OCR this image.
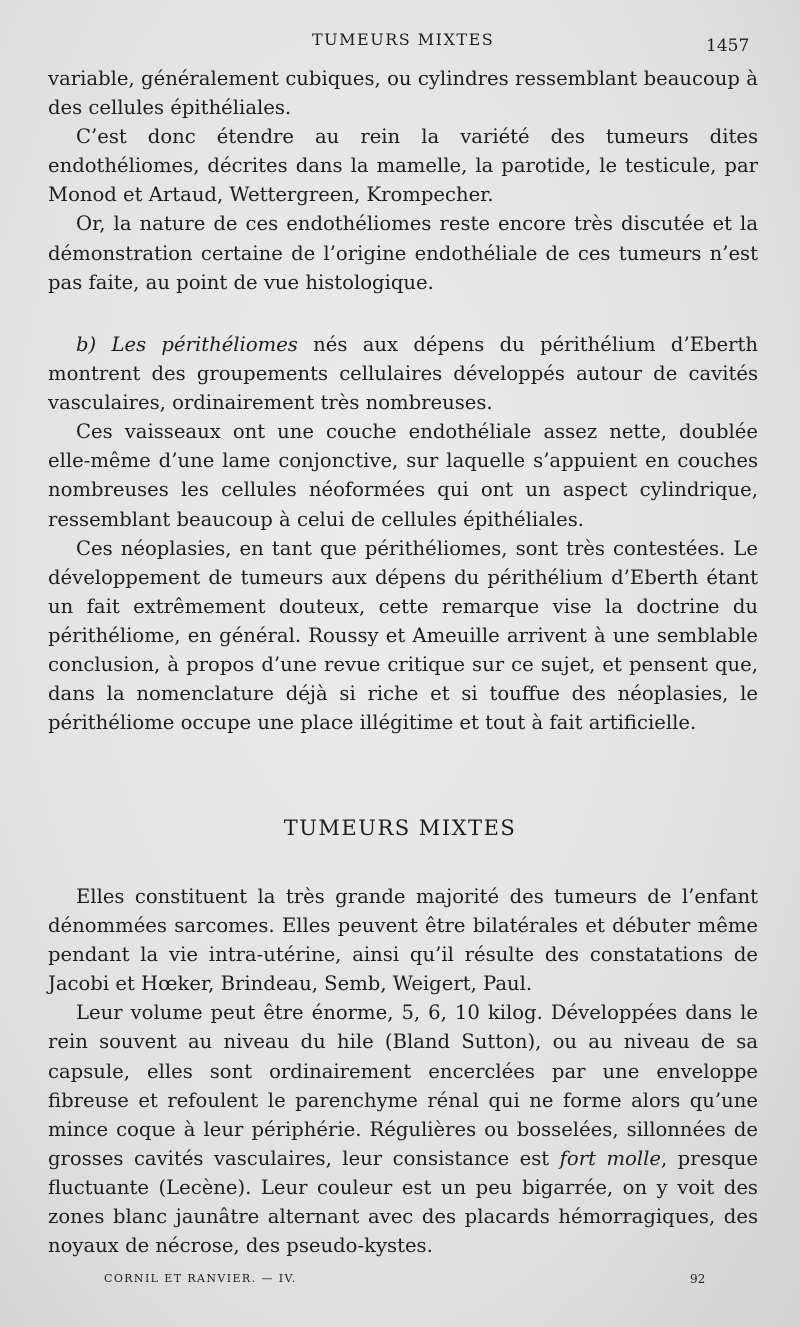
TUMEURS MIXTES	1457

variable, généralement cubiques, ou cylindres ressemblant beaucoup à des cellules épithéliales.

C’est donc étendre au rein la variété des tumeurs dites endothéliomes, décrites dans la mamelle, la parotide, le testicule, par Monod et Artaud, Wettergreen, Krompecher.

Or, la nature de ces endothéliomes reste encore très discutée et la démonstration certaine de l’origine endothéliale de ces tumeurs n’est pas faite, au point de vue histologique.

b) Les périthéliomes nés aux dépens du périthélium d’Eberth montrent des groupements cellulaires développés autour de cavités vasculaires, ordinairement très nombreuses.

Ces vaisseaux ont une couche endothéliale assez nette, doublée elle-même d’une lame conjonctive, sur laquelle s’appuient en couches nombreuses les cellules néoformées qui ont un aspect cylindrique, ressemblant beaucoup à celui de cellules épithéliales.

Ces néoplasies, en tant que périthéliomes, sont très contestées. Le développement de tumeurs aux dépens du périthélium d’Eberth étant un fait extrêmement douteux, cette remarque vise la doctrine du périthéliome, en général. Roussy et Ameuille arrivent à une semblable conclusion, à propos d’une revue critique sur ce sujet, et pensent que, dans la nomenclature déjà si riche et si touffue des néoplasies, le périthéliome occupe une place illégitime et tout à fait artificielle.

TUMEURS MIXTES

Elles constituent la très grande majorité des tumeurs de l’enfant dénommées sarcomes. Elles peuvent être bilatérales et débuter même pendant la vie intra-utérine, ainsi qu’il résulte des constatations de Jacobi et Hœker, Brindeau, Semb, Weigert, Paul.

Leur volume peut être énorme, 5, 6, 10 kilog. Développées dans le rein souvent au niveau du hile (Bland Sutton), ou au niveau de sa capsule, elles sont ordinairement encerclées par une enveloppe fibreuse et refoulent le parenchyme rénal qui ne forme alors qu’une mince coque à leur périphérie. Régulières ou bosselées, sillonnées de grosses cavités vasculaires, leur consistance est fort molle, presque fluctuante (Lecène). Leur couleur est un peu bigarrée, on y voit des zones blanc jaunâtre alternant avec des placards hémorragiques, des noyaux de nécrose, des pseudo-kystes.

CORNIL ET RANVIER. — IV.	92
